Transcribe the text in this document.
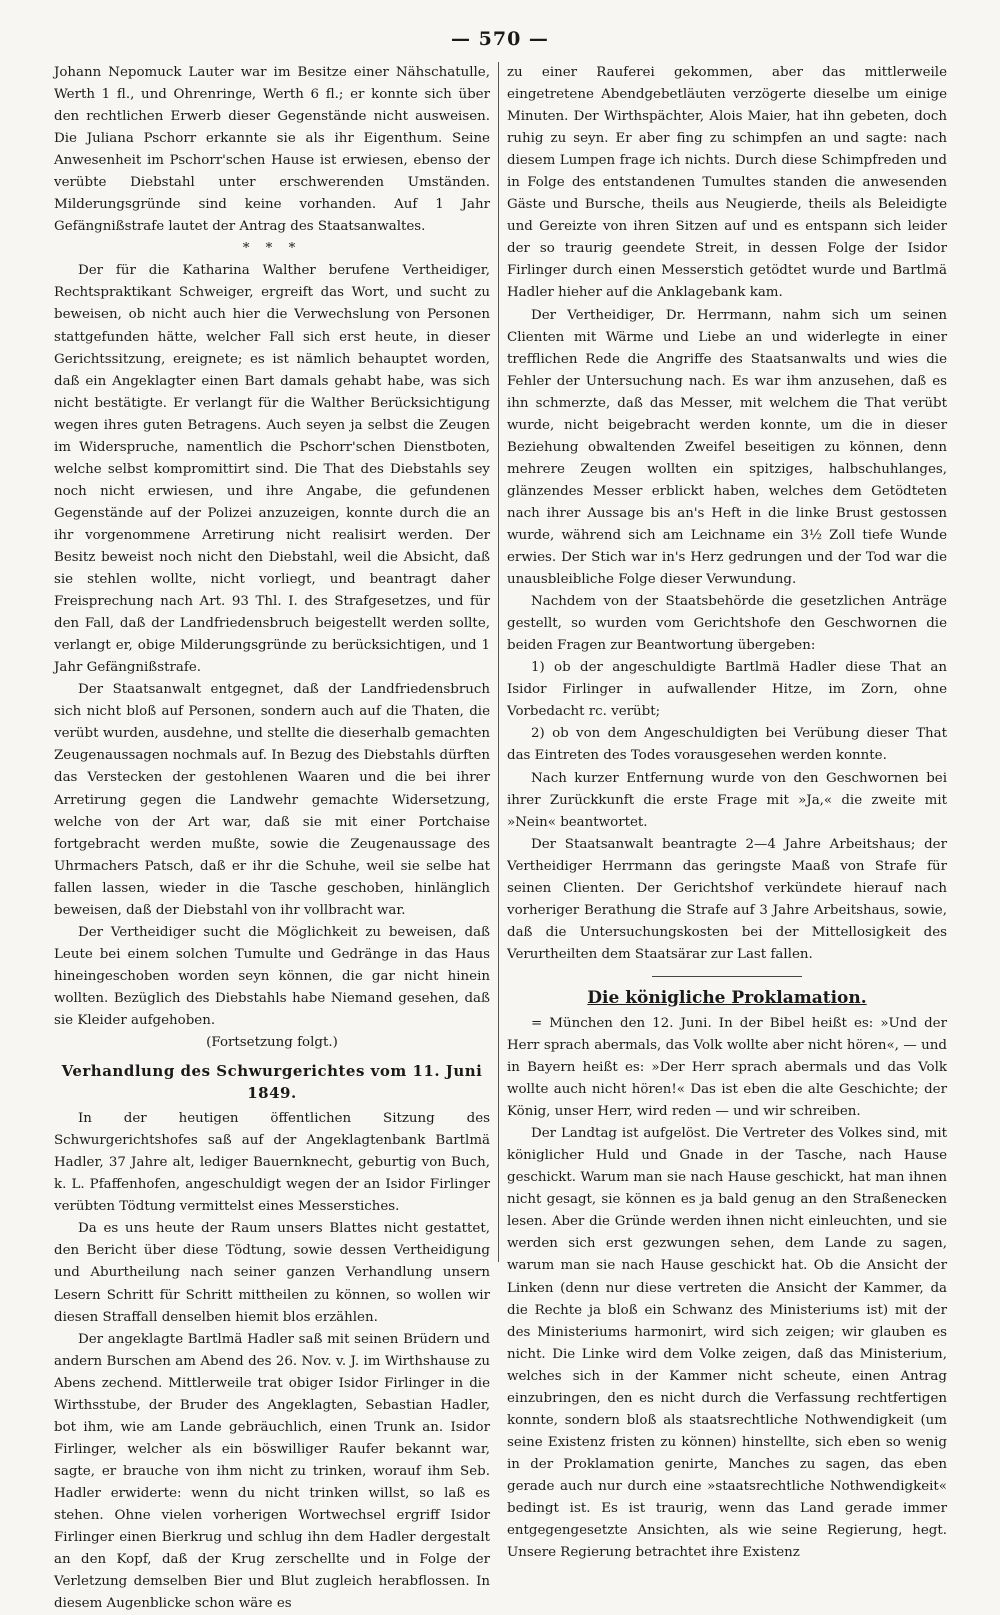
— 570 —

Johann Nepomuck Lauter war im Besitze einer Nähschatulle, Werth 1 fl., und Ohrenringe, Werth 6 fl.; er konnte sich über den rechtlichen Erwerb dieser Gegenstände nicht ausweisen. Die Juliana Pschorr erkannte sie als ihr Eigenthum. Seine Anwesenheit im Pschorr'schen Hause ist erwiesen, ebenso der verübte Diebstahl unter erschwerenden Umständen. Milderungsgründe sind keine vorhanden. Auf 1 Jahr Gefängnißstrafe lautet der Antrag des Staatsanwaltes.

* * *

Der für die Katharina Walther berufene Vertheidiger, Rechtspraktikant Schweiger, ergreift das Wort, und sucht zu beweisen, ob nicht auch hier die Verwechslung von Personen stattgefunden hätte, welcher Fall sich erst heute, in dieser Gerichtssitzung, ereignete; es ist nämlich behauptet worden, daß ein Angeklagter einen Bart damals gehabt habe, was sich nicht bestätigte. Er verlangt für die Walther Berücksichtigung wegen ihres guten Betragens. Auch seyen ja selbst die Zeugen im Widerspruche, namentlich die Pschorr'schen Dienstboten, welche selbst kompromittirt sind. Die That des Diebstahls sey noch nicht erwiesen, und ihre Angabe, die gefundenen Gegenstände auf der Polizei anzuzeigen, konnte durch die an ihr vorgenommene Arretirung nicht realisirt werden. Der Besitz beweist noch nicht den Diebstahl, weil die Absicht, daß sie stehlen wollte, nicht vorliegt, und beantragt daher Freisprechung nach Art. 93 Thl. I. des Strafgesetzes, und für den Fall, daß der Landfriedensbruch beigestellt werden sollte, verlangt er, obige Milderungsgründe zu berücksichtigen, und 1 Jahr Gefängnißstrafe.

Der Staatsanwalt entgegnet, daß der Landfriedensbruch sich nicht bloß auf Personen, sondern auch auf die Thaten, die verübt wurden, ausdehne, und stellte die dieserhalb gemachten Zeugenaussagen nochmals auf. In Bezug des Diebstahls dürften das Verstecken der gestohlenen Waaren und die bei ihrer Arretirung gegen die Landwehr gemachte Widersetzung, welche von der Art war, daß sie mit einer Portchaise fortgebracht werden mußte, sowie die Zeugenaussage des Uhrmachers Patsch, daß er ihr die Schuhe, weil sie selbe hat fallen lassen, wieder in die Tasche geschoben, hinlänglich beweisen, daß der Diebstahl von ihr vollbracht war.

Der Vertheidiger sucht die Möglichkeit zu beweisen, daß Leute bei einem solchen Tumulte und Gedränge in das Haus hineingeschoben worden seyn können, die gar nicht hinein wollten. Bezüglich des Diebstahls habe Niemand gesehen, daß sie Kleider aufgehoben.

(Fortsetzung folgt.)
Verhandlung des Schwurgerichtes vom 11. Juni 1849.

In der heutigen öffentlichen Sitzung des Schwurgerichtshofes saß auf der Angeklagtenbank Bartlmä Hadler, 37 Jahre alt, lediger Bauernknecht, geburtig von Buch, k. L. Pfaffenhofen, angeschuldigt wegen der an Isidor Firlinger verübten Tödtung vermittelst eines Messerstiches.

Da es uns heute der Raum unsers Blattes nicht gestattet, den Bericht über diese Tödtung, sowie dessen Vertheidigung und Aburtheilung nach seiner ganzen Verhandlung unsern Lesern Schritt für Schritt mittheilen zu können, so wollen wir diesen Straffall denselben hiemit blos erzählen.

Der angeklagte Bartlmä Hadler saß mit seinen Brüdern und andern Burschen am Abend des 26. Nov. v. J. im Wirthshause zu Abens zechend. Mittlerweile trat obiger Isidor Firlinger in die Wirthsstube, der Bruder des Angeklagten, Sebastian Hadler, bot ihm, wie am Lande gebräuchlich, einen Trunk an. Isidor Firlinger, welcher als ein böswilliger Raufer bekannt war, sagte, er brauche von ihm nicht zu trinken, worauf ihm Seb. Hadler erwiderte: wenn du nicht trinken willst, so laß es stehen. Ohne vielen vorherigen Wortwechsel ergriff Isidor Firlinger einen Bierkrug und schlug ihn dem Hadler dergestalt an den Kopf, daß der Krug zerschellte und in Folge der Verletzung demselben Bier und Blut zugleich herabflossen. In diesem Augenblicke schon wäre es

zu einer Rauferei gekommen, aber das mittlerweile eingetretene Abendgebetläuten verzögerte dieselbe um einige Minuten. Der Wirthspächter, Alois Maier, hat ihn gebeten, doch ruhig zu seyn. Er aber fing zu schimpfen an und sagte: nach diesem Lumpen frage ich nichts. Durch diese Schimpfreden und in Folge des entstandenen Tumultes standen die anwesenden Gäste und Bursche, theils aus Neugierde, theils als Beleidigte und Gereizte von ihren Sitzen auf und es entspann sich leider der so traurig geendete Streit, in dessen Folge der Isidor Firlinger durch einen Messerstich getödtet wurde und Bartlmä Hadler hieher auf die Anklagebank kam.

Der Vertheidiger, Dr. Herrmann, nahm sich um seinen Clienten mit Wärme und Liebe an und widerlegte in einer trefflichen Rede die Angriffe des Staatsanwalts und wies die Fehler der Untersuchung nach. Es war ihm anzusehen, daß es ihn schmerzte, daß das Messer, mit welchem die That verübt wurde, nicht beigebracht werden konnte, um die in dieser Beziehung obwaltenden Zweifel beseitigen zu können, denn mehrere Zeugen wollten ein spitziges, halbschuhlanges, glänzendes Messer erblickt haben, welches dem Getödteten nach ihrer Aussage bis an's Heft in die linke Brust gestossen wurde, während sich am Leichname ein 3½ Zoll tiefe Wunde erwies. Der Stich war in's Herz gedrungen und der Tod war die unausbleibliche Folge dieser Verwundung.

Nachdem von der Staatsbehörde die gesetzlichen Anträge gestellt, so wurden vom Gerichtshofe den Geschwornen die beiden Fragen zur Beantwortung übergeben:

1) ob der angeschuldigte Bartlmä Hadler diese That an Isidor Firlinger in aufwallender Hitze, im Zorn, ohne Vorbedacht rc. verübt;

2) ob von dem Angeschuldigten bei Verübung dieser That das Eintreten des Todes vorausgesehen werden konnte.

Nach kurzer Entfernung wurde von den Geschwornen bei ihrer Zurückkunft die erste Frage mit »Ja,« die zweite mit »Nein« beantwortet.

Der Staatsanwalt beantragte 2—4 Jahre Arbeitshaus; der Vertheidiger Herrmann das geringste Maaß von Strafe für seinen Clienten. Der Gerichtshof verkündete hierauf nach vorheriger Berathung die Strafe auf 3 Jahre Arbeitshaus, sowie, daß die Untersuchungskosten bei der Mittellosigkeit des Verurtheilten dem Staatsärar zur Last fallen.

Die königliche Proklamation.

= München den 12. Juni. In der Bibel heißt es: »Und der Herr sprach abermals, das Volk wollte aber nicht hören«, — und in Bayern heißt es: »Der Herr sprach abermals und das Volk wollte auch nicht hören!« Das ist eben die alte Geschichte; der König, unser Herr, wird reden — und wir schreiben.

Der Landtag ist aufgelöst. Die Vertreter des Volkes sind, mit königlicher Huld und Gnade in der Tasche, nach Hause geschickt. Warum man sie nach Hause geschickt, hat man ihnen nicht gesagt, sie können es ja bald genug an den Straßenecken lesen. Aber die Gründe werden ihnen nicht einleuchten, und sie werden sich erst gezwungen sehen, dem Lande zu sagen, warum man sie nach Hause geschickt hat. Ob die Ansicht der Linken (denn nur diese vertreten die Ansicht der Kammer, da die Rechte ja bloß ein Schwanz des Ministeriums ist) mit der des Ministeriums harmonirt, wird sich zeigen; wir glauben es nicht. Die Linke wird dem Volke zeigen, daß das Ministerium, welches sich in der Kammer nicht scheute, einen Antrag einzubringen, den es nicht durch die Verfassung rechtfertigen konnte, sondern bloß als staatsrechtliche Nothwendigkeit (um seine Existenz fristen zu können) hinstellte, sich eben so wenig in der Proklamation genirte, Manches zu sagen, das eben gerade auch nur durch eine »staatsrechtliche Nothwendigkeit« bedingt ist. Es ist traurig, wenn das Land gerade immer entgegengesetzte Ansichten, als wie seine Regierung, hegt. Unsere Regierung betrachtet ihre Existenz
